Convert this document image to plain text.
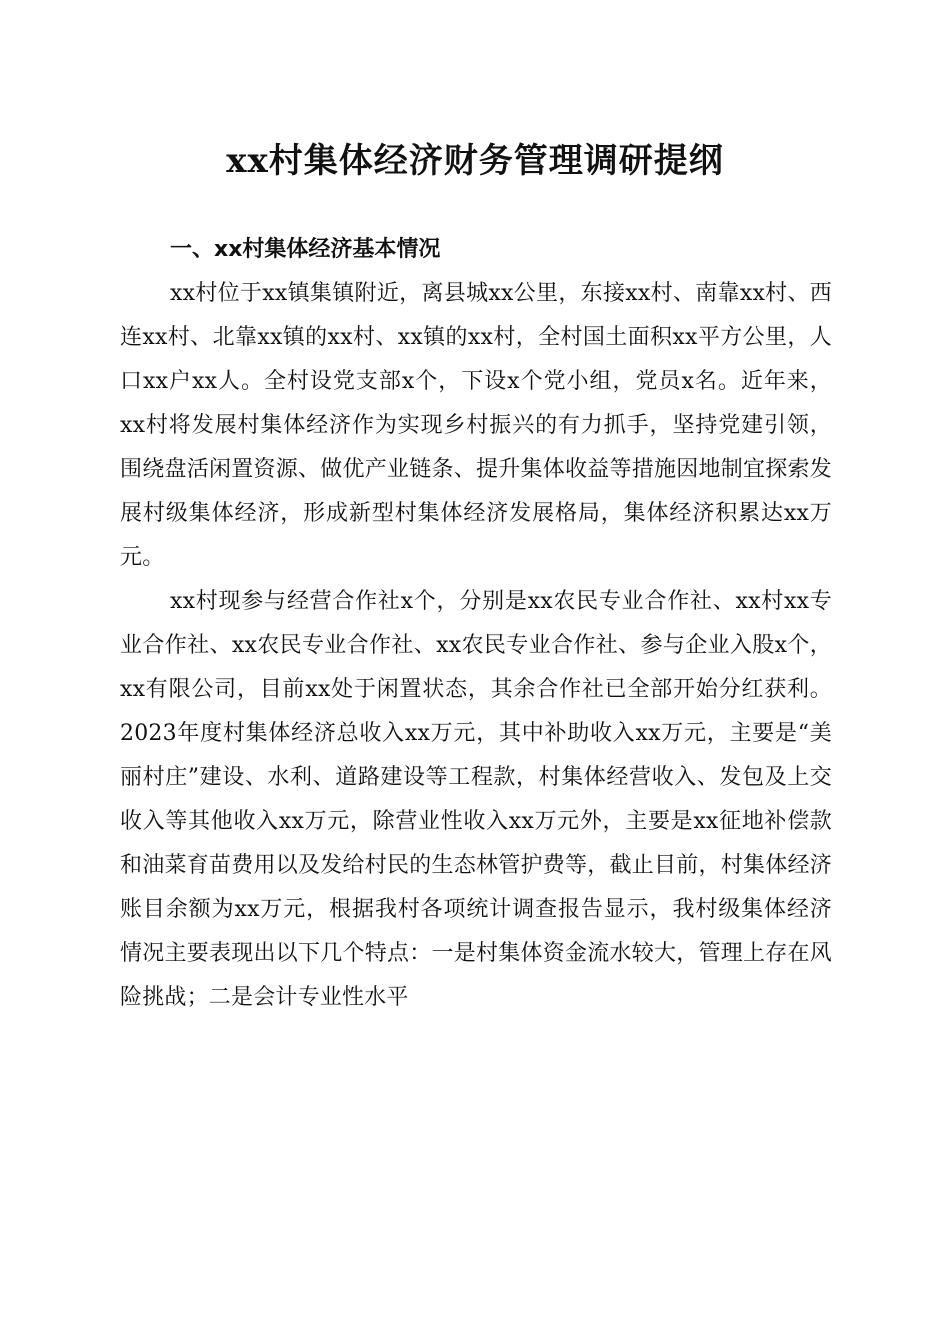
xx村集体经济财务管理调研提纲

一、xx村集体经济基本情况

xx村位于xx镇集镇附近，离县城xx公里，东接xx村、南靠xx村、西连xx村、北靠xx镇的xx村、xx镇的xx村，全村国土面积xx平方公里，人口xx户xx人。全村设党支部x个，下设x个党小组，党员x名。近年来，xx村将发展村集体经济作为实现乡村振兴的有力抓手，坚持党建引领，围绕盘活闲置资源、做优产业链条、提升集体收益等措施因地制宜探索发展村级集体经济，形成新型村集体经济发展格局，集体经济积累达xx万元。

xx村现参与经营合作社x个，分别是xx农民专业合作社、xx村xx专业合作社、xx农民专业合作社、xx农民专业合作社、参与企业入股x个，xx有限公司，目前xx处于闲置状态，其余合作社已全部开始分红获利。2023年度村集体经济总收入xx万元，其中补助收入xx万元，主要是“美丽村庄”建设、水利、道路建设等工程款，村集体经营收入、发包及上交收入等其他收入xx万元，除营业性收入xx万元外，主要是xx征地补偿款和油菜育苗费用以及发给村民的生态林管护费等，截止目前，村集体经济账目余额为xx万元，根据我村各项统计调查报告显示，我村级集体经济情况主要表现出以下几个特点：一是村集体资金流水较大，管理上存在风险挑战；二是会计专业性水平
